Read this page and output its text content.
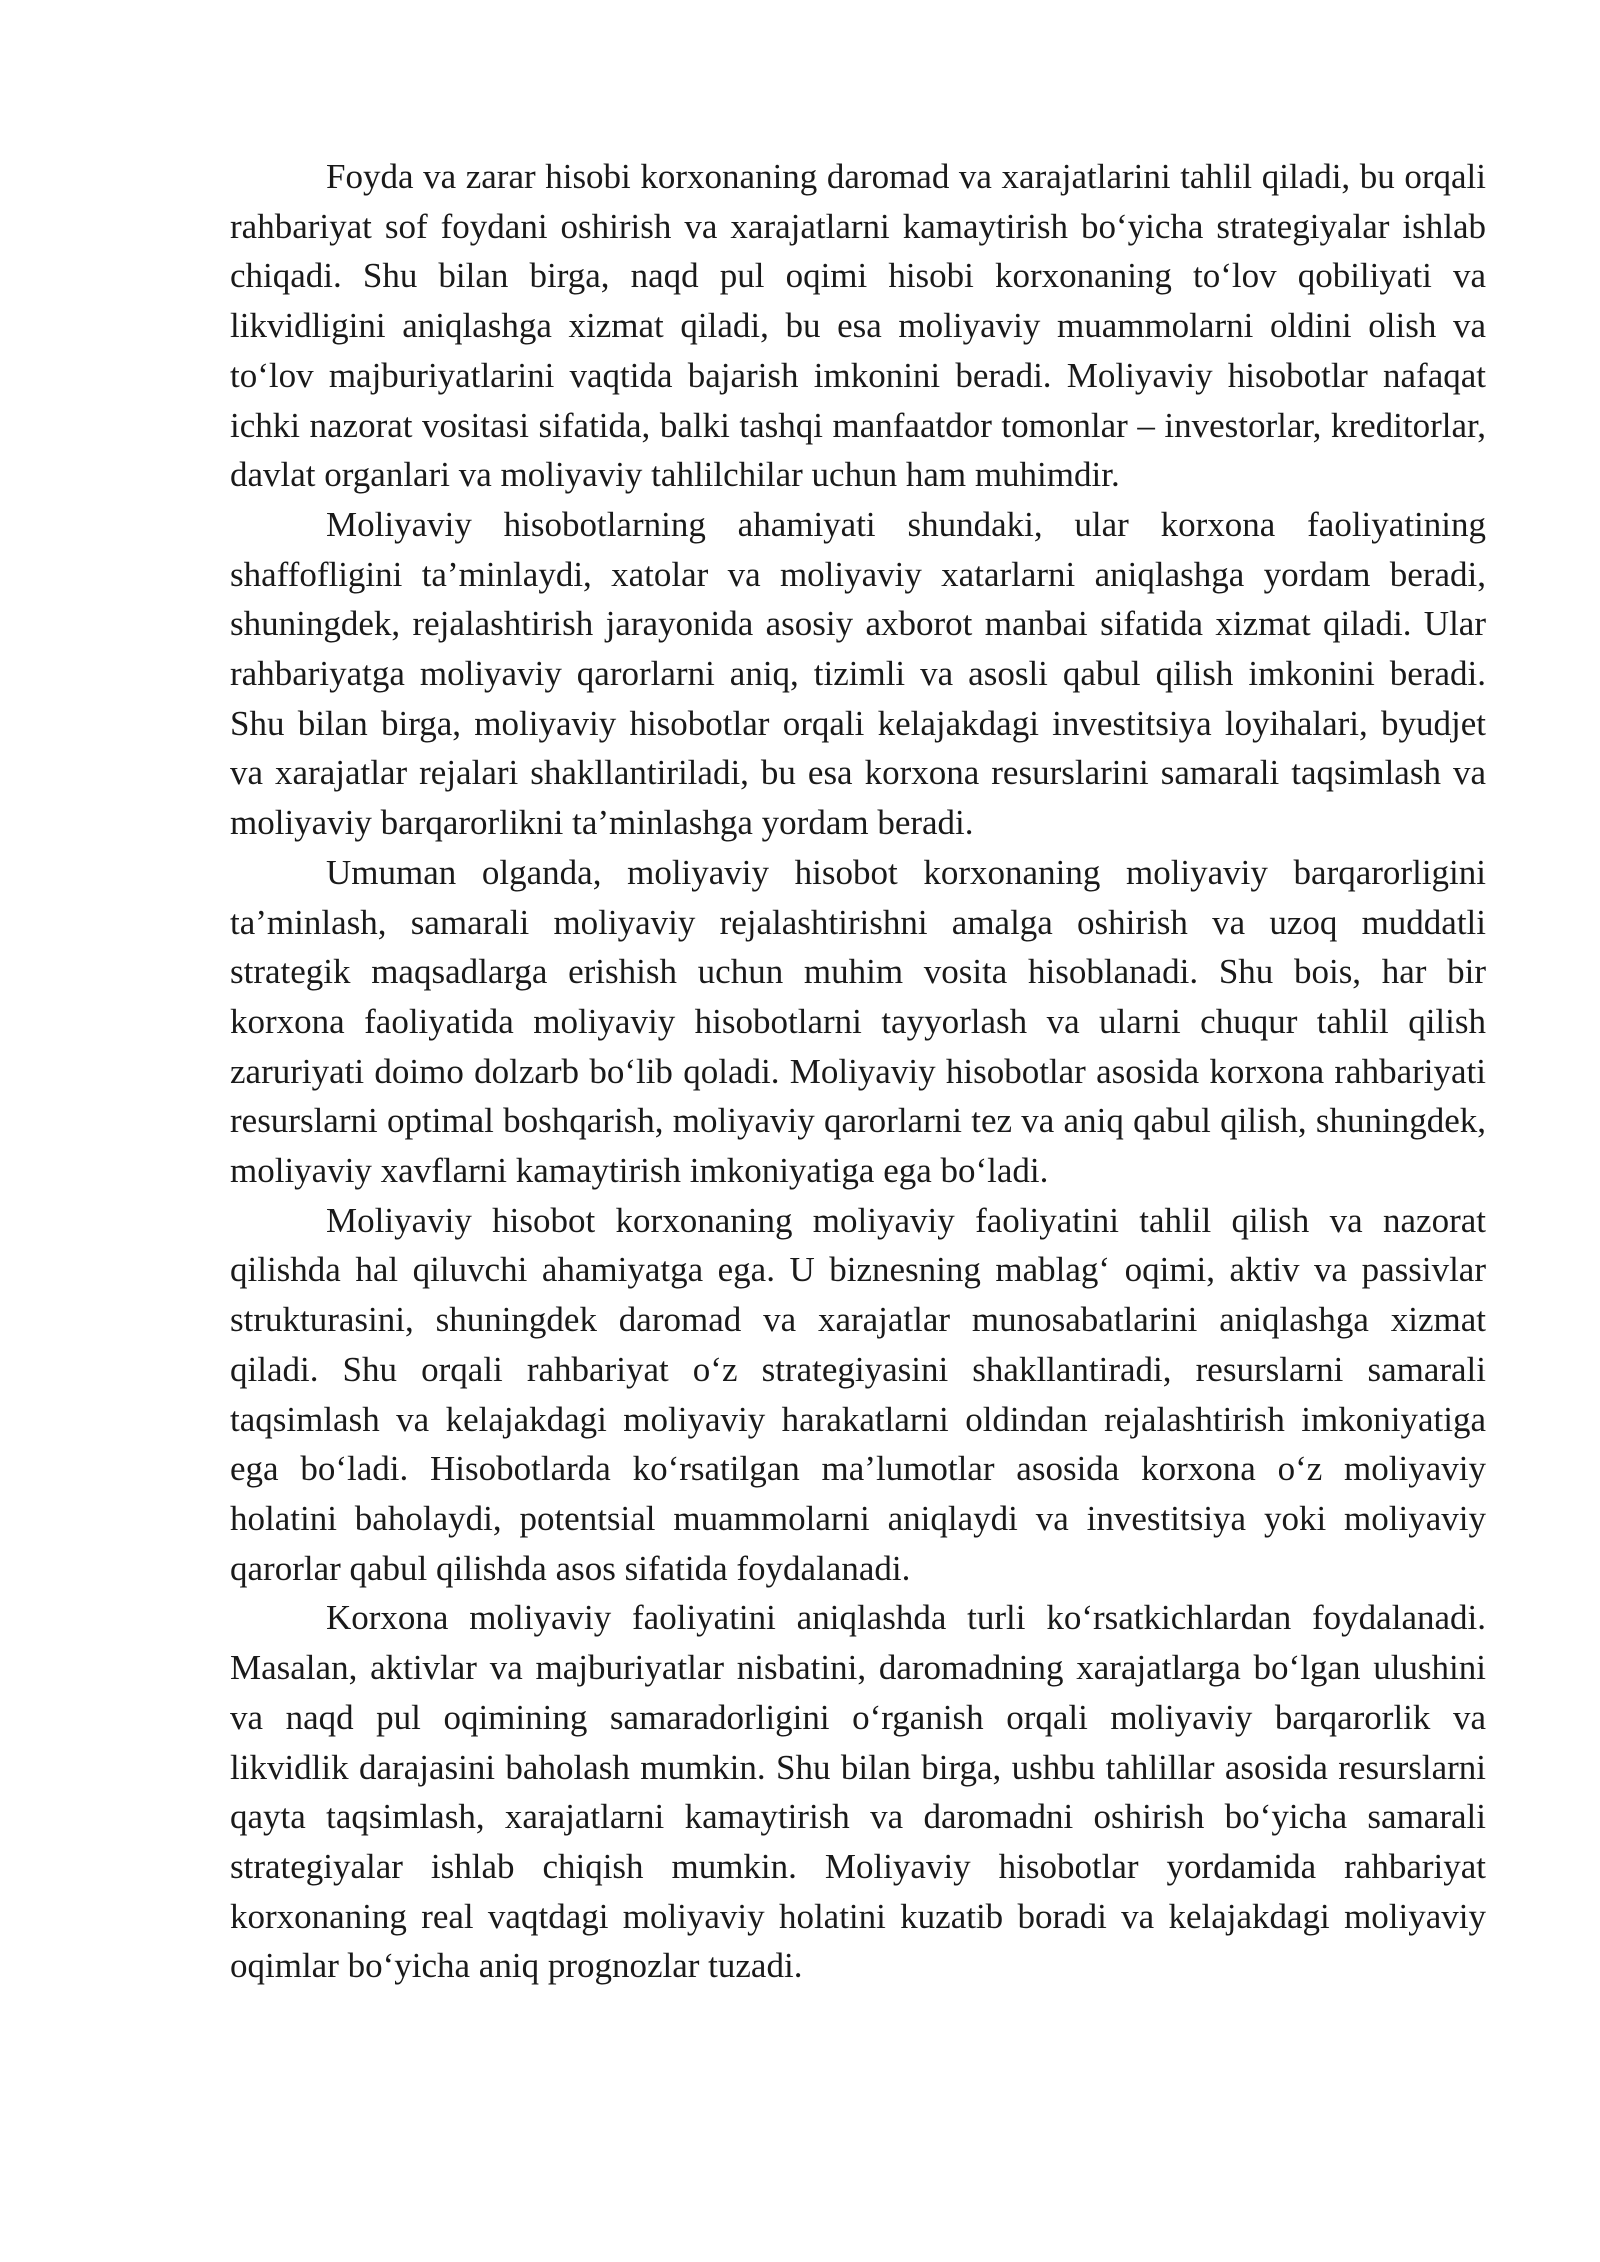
Foyda va zarar hisobi korxonaning daromad va xarajatlarini tahlil qiladi, bu orqali rahbariyat sof foydani oshirish va xarajatlarni kamaytirish bo‘yicha strategiyalar ishlab chiqadi. Shu bilan birga, naqd pul oqimi hisobi korxonaning to‘lov qobiliyati va likvidligini aniqlashga xizmat qiladi, bu esa moliyaviy muammolarni oldini olish va to‘lov majburiyatlarini vaqtida bajarish imkonini beradi. Moliyaviy hisobotlar nafaqat ichki nazorat vositasi sifatida, balki tashqi manfaatdor tomonlar – investorlar, kreditorlar, davlat organlari va moliyaviy tahlilchilar uchun ham muhimdir.

Moliyaviy hisobotlarning ahamiyati shundaki, ular korxona faoliyatining shaffofligini ta’minlaydi, xatolar va moliyaviy xatarlarni aniqlashga yordam beradi, shuningdek, rejalashtirish jarayonida asosiy axborot manbai sifatida xizmat qiladi. Ular rahbariyatga moliyaviy qarorlarni aniq, tizimli va asosli qabul qilish imkonini beradi. Shu bilan birga, moliyaviy hisobotlar orqali kelajakdagi investitsiya loyihalari, byudjet va xarajatlar rejalari shakllantiriladi, bu esa korxona resurslarini samarali taqsimlash va moliyaviy barqarorlikni ta’minlashga yordam beradi.

Umuman olganda, moliyaviy hisobot korxonaning moliyaviy barqarorligini ta’minlash, samarali moliyaviy rejalashtirishni amalga oshirish va uzoq muddatli strategik maqsadlarga erishish uchun muhim vosita hisoblanadi. Shu bois, har bir korxona faoliyatida moliyaviy hisobotlarni tayyorlash va ularni chuqur tahlil qilish zaruriyati doimo dolzarb bo‘lib qoladi. Moliyaviy hisobotlar asosida korxona rahbariyati resurslarni optimal boshqarish, moliyaviy qarorlarni tez va aniq qabul qilish, shuningdek, moliyaviy xavflarni kamaytirish imkoniyatiga ega bo‘ladi.

Moliyaviy hisobot korxonaning moliyaviy faoliyatini tahlil qilish va nazorat qilishda hal qiluvchi ahamiyatga ega. U biznesning mablag‘ oqimi, aktiv va passivlar strukturasini, shuningdek daromad va xarajatlar munosabatlarini aniqlashga xizmat qiladi. Shu orqali rahbariyat o‘z strategiyasini shakllantiradi, resurslarni samarali taqsimlash va kelajakdagi moliyaviy harakatlarni oldindan rejalashtirish imkoniyatiga ega bo‘ladi. Hisobotlarda ko‘rsatilgan ma’lumotlar asosida korxona o‘z moliyaviy holatini baholaydi, potentsial muammolarni aniqlaydi va investitsiya yoki moliyaviy qarorlar qabul qilishda asos sifatida foydalanadi.

Korxona moliyaviy faoliyatini aniqlashda turli ko‘rsatkichlardan foydalanadi. Masalan, aktivlar va majburiyatlar nisbatini, daromadning xarajatlarga bo‘lgan ulushini va naqd pul oqimining samaradorligini o‘rganish orqali moliyaviy barqarorlik va likvidlik darajasini baholash mumkin. Shu bilan birga, ushbu tahlillar asosida resurslarni qayta taqsimlash, xarajatlarni kamaytirish va daromadni oshirish bo‘yicha samarali strategiyalar ishlab chiqish mumkin. Moliyaviy hisobotlar yordamida rahbariyat korxonaning real vaqtdagi moliyaviy holatini kuzatib boradi va kelajakdagi moliyaviy oqimlar bo‘yicha aniq prognozlar tuzadi.
